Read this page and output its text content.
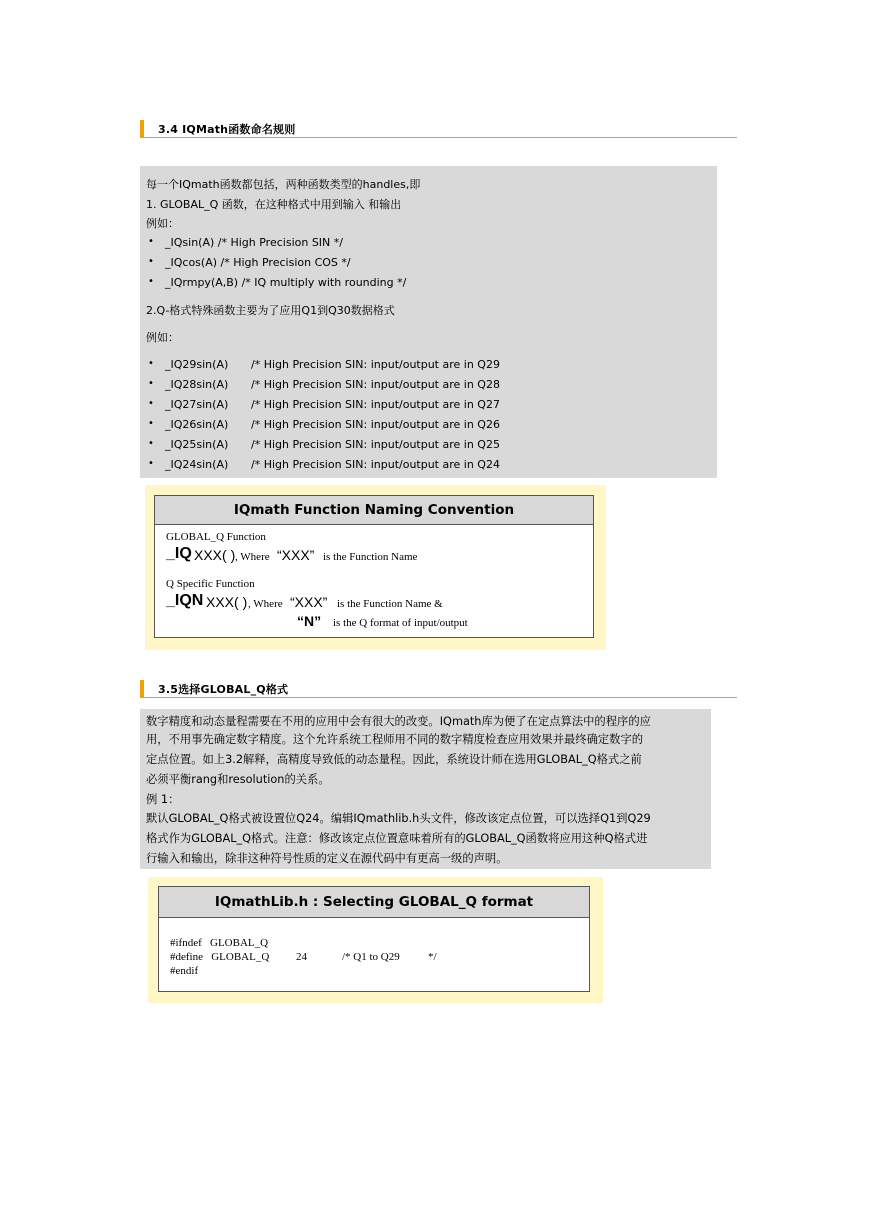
3.4 IQMath函数命名规则
每一个IQmath函数都包括，两种函数类型的handles,即
1. GLOBAL_Q 函数，在这种格式中用到输入 和输出
例如：
• _IQsin(A) /* High Precision SIN */
• _IQcos(A) /* High Precision COS */
• _IQrmpy(A,B) /* IQ multiply with rounding */
2.Q-格式特殊函数主要为了应用Q1到Q30数据格式
例如：
• _IQ29sin(A) /* High Precision SIN: input/output are in Q29
• _IQ28sin(A) /* High Precision SIN: input/output are in Q28
• _IQ27sin(A) /* High Precision SIN: input/output are in Q27
• _IQ26sin(A) /* High Precision SIN: input/output are in Q26
• _IQ25sin(A) /* High Precision SIN: input/output are in Q25
• _IQ24sin(A) /* High Precision SIN: input/output are in Q24
IQmath Function Naming Convention
GLOBAL_Q Function
_IQ XXX( ) , Where “XXX” is the Function Name
Q Specific Function
_IQN XXX( ) , Where “XXX” is the Function Name &
“N” is the Q format of input/output
3.5选择GLOBAL_Q格式
数字精度和动态量程需要在不用的应用中会有很大的改变。IQmath库为便了在定点算法中的程序的应
用，不用事先确定数字精度。这个允许系统工程师用不同的数字精度检查应用效果并最终确定数字的
定点位置。如上3.2解释，高精度导致低的动态量程。因此，系统设计师在选用GLOBAL_Q格式之前
必须平衡rang和resolution的关系。
例 1：
默认GLOBAL_Q格式被设置位Q24。编辑IQmathlib.h头文件，修改该定点位置，可以选择Q1到Q29
格式作为GLOBAL_Q格式。注意：修改该定点位置意味着所有的GLOBAL_Q函数将应用这种Q格式进
行输入和输出，除非这种符号性质的定义在源代码中有更高一级的声明。
IQmathLib.h : Selecting GLOBAL_Q format
#ifndef   GLOBAL_Q
#define   GLOBAL_Q 24	/* Q1 to Q29	*/
#endif
